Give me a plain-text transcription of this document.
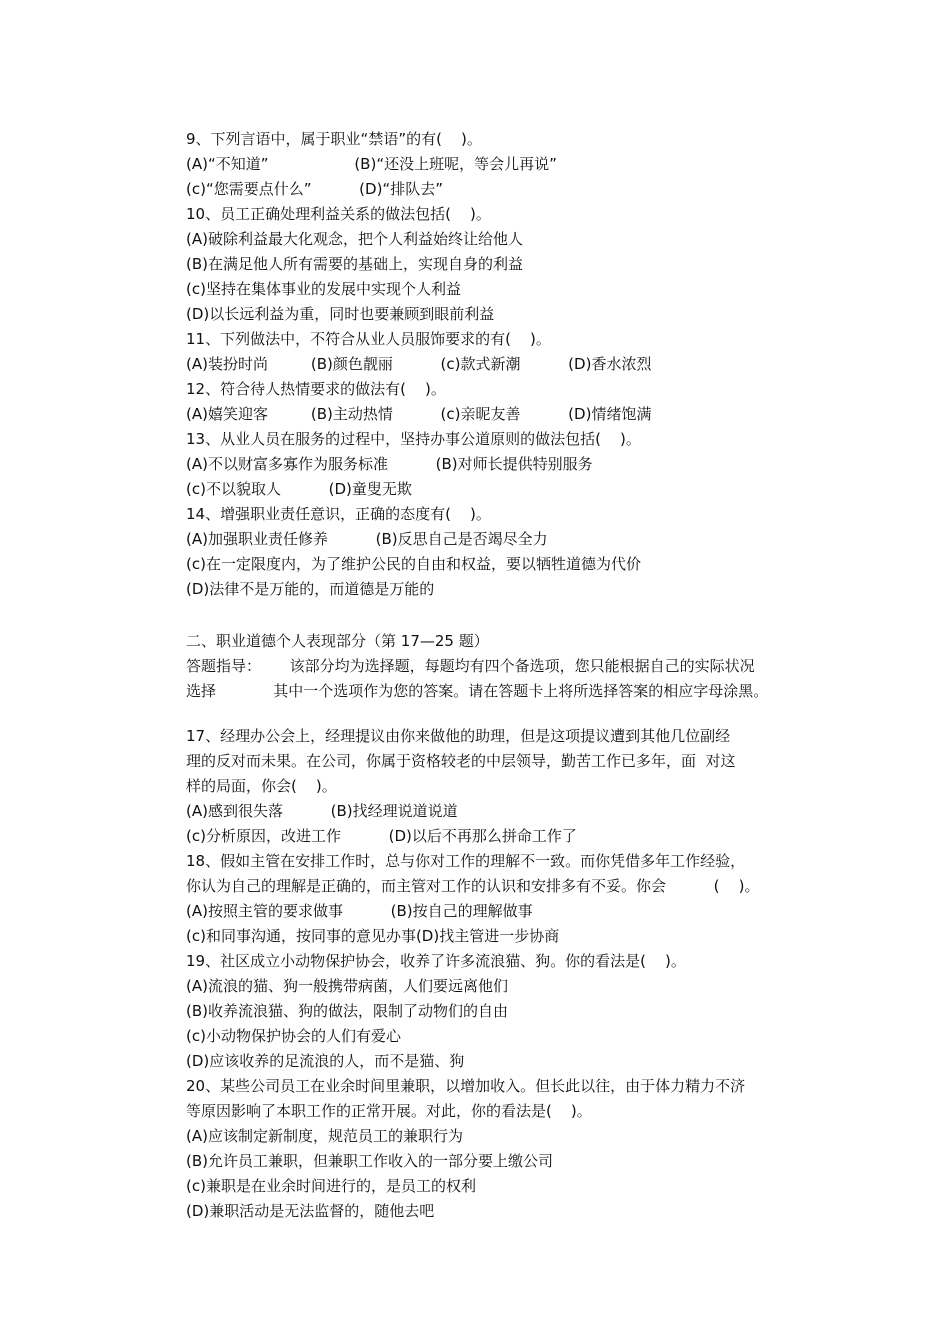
9、下列言语中，属于职业“禁语”的有(    )。
(A)“不知道”                  (B)“还没上班呢，等会儿再说”
(c)“您需要点什么”          (D)“排队去”
10、员工正确处理利益关系的做法包括(    )。
(A)破除利益最大化观念，把个人利益始终让给他人
(B)在满足他人所有需要的基础上，实现自身的利益
(c)坚持在集体事业的发展中实现个人利益
(D)以长远利益为重，同时也要兼顾到眼前利益
11、下列做法中，不符合从业人员服饰要求的有(    )。
(A)装扮时尚         (B)颜色靓丽          (c)款式新潮          (D)香水浓烈
12、符合待人热情要求的做法有(    )。
(A)嬉笑迎客         (B)主动热情          (c)亲昵友善          (D)情绪饱满
13、从业人员在服务的过程中，坚持办事公道原则的做法包括(    )。
(A)不以财富多寡作为服务标准          (B)对师长提供特别服务
(c)不以貌取人          (D)童叟无欺
14、增强职业责任意识，正确的态度有(    )。
(A)加强职业责任修养          (B)反思自己是否竭尽全力
(c)在一定限度内，为了维护公民的自由和权益，要以牺牲道德为代价
(D)法律不是万能的，而道德是万能的
二、职业道德个人表现部分（第 17—25 题）
答题指导：      该部分均为选择题，每题均有四个备选项，您只能根据自己的实际状况
选择            其中一个选项作为您的答案。请在答题卡上将所选择答案的相应字母涂黑。
17、经理办公会上，经理提议由你来做他的助理，但是这项提议遭到其他几位副经
理的反对而未果。在公司，你属于资格较老的中层领导，勤苦工作已多年，面  对这
样的局面，你会(    )。
(A)感到很失落          (B)找经理说道说道
(c)分析原因，改进工作          (D)以后不再那么拼命工作了
18、假如主管在安排工作时，总与你对工作的理解不一致。而你凭借多年工作经验，
你认为自己的理解是正确的，而主管对工作的认识和安排多有不妥。你会          (    )。
(A)按照主管的要求做事          (B)按自己的理解做事
(c)和同事沟通，按同事的意见办事(D)找主管进一步协商
19、社区成立小动物保护协会，收养了许多流浪猫、狗。你的看法是(    )。
(A)流浪的猫、狗一般携带病菌，人们要远离他们
(B)收养流浪猫、狗的做法，限制了动物们的自由
(c)小动物保护协会的人们有爱心
(D)应该收养的足流浪的人，而不是猫、狗
20、某些公司员工在业余时间里兼职，以增加收入。但长此以往，由于体力精力不济
等原因影响了本职工作的正常开展。对此，你的看法是(    )。
(A)应该制定新制度，规范员工的兼职行为
(B)允许员工兼职，但兼职工作收入的一部分要上缴公司
(c)兼职是在业余时间进行的，是员工的权利
(D)兼职活动是无法监督的，随他去吧
